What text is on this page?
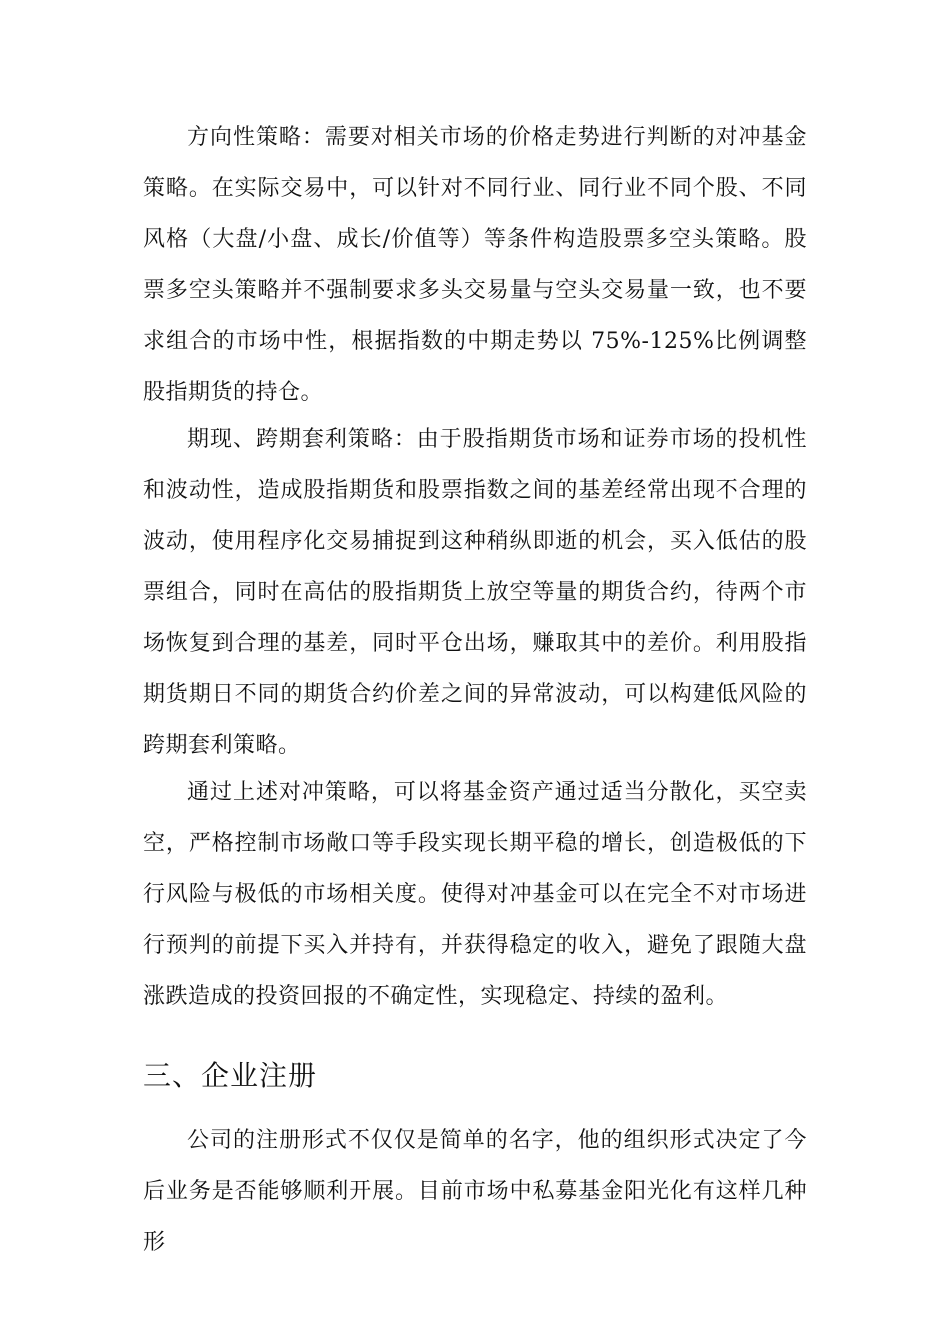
方向性策略：需要对相关市场的价格走势进行判断的对冲基金策略。在实际交易中，可以针对不同行业、同行业不同个股、不同风格（大盘/小盘、成长/价值等）等条件构造股票多空头策略。股票多空头策略并不强制要求多头交易量与空头交易量一致，也不要求组合的市场中性，根据指数的中期走势以 75%-125%比例调整股指期货的持仓。

期现、跨期套利策略：由于股指期货市场和证券市场的投机性和波动性，造成股指期货和股票指数之间的基差经常出现不合理的波动，使用程序化交易捕捉到这种稍纵即逝的机会，买入低估的股票组合，同时在高估的股指期货上放空等量的期货合约，待两个市场恢复到合理的基差，同时平仓出场，赚取其中的差价。利用股指期货期日不同的期货合约价差之间的异常波动，可以构建低风险的跨期套利策略。

通过上述对冲策略，可以将基金资产通过适当分散化，买空卖空，严格控制市场敞口等手段实现长期平稳的增长，创造极低的下行风险与极低的市场相关度。使得对冲基金可以在完全不对市场进行预判的前提下买入并持有，并获得稳定的收入，避免了跟随大盘涨跌造成的投资回报的不确定性，实现稳定、持续的盈利。

三、企业注册

公司的注册形式不仅仅是简单的名字，他的组织形式决定了今后业务是否能够顺利开展。目前市场中私募基金阳光化有这样几种形
